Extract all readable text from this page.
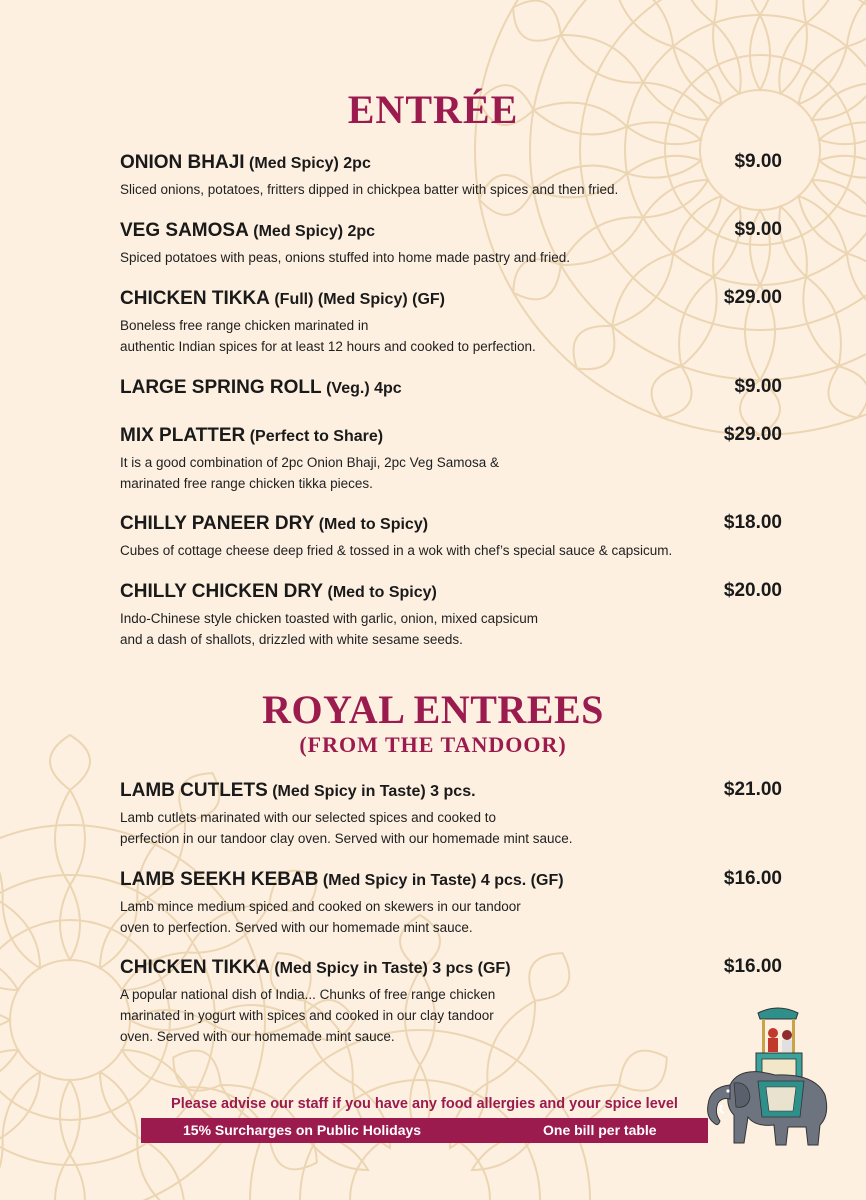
ENTRÉE
ONION BHAJI (Med Spicy) 2pc	$9.00
Sliced onions, potatoes, fritters dipped in chickpea batter with spices and then fried.
VEG SAMOSA (Med Spicy) 2pc	$9.00
Spiced potatoes with peas, onions stuffed into home made pastry and fried.
CHICKEN TIKKA (Full) (Med Spicy) (GF)	$29.00
Boneless free range chicken marinated in
authentic Indian spices for at least 12 hours and cooked to perfection.
LARGE SPRING ROLL (Veg.) 4pc	$9.00
MIX PLATTER (Perfect to Share)	$29.00
It is a good combination of 2pc Onion Bhaji, 2pc Veg Samosa &
marinated free range chicken tikka pieces.
CHILLY PANEER DRY (Med to Spicy)	$18.00
Cubes of cottage cheese deep fried & tossed in a wok with chef’s special sauce & capsicum.
CHILLY CHICKEN DRY (Med to Spicy)	$20.00
Indo-Chinese style chicken toasted with garlic, onion, mixed capsicum
and a dash of shallots, drizzled with white sesame seeds.
ROYAL ENTREES
(FROM THE TANDOOR)
LAMB CUTLETS (Med Spicy in Taste) 3 pcs.	$21.00
Lamb cutlets marinated with our selected spices and cooked to
perfection in our tandoor clay oven. Served with our homemade mint sauce.
LAMB SEEKH KEBAB (Med Spicy in Taste) 4 pcs. (GF)	$16.00
Lamb mince medium spiced and cooked on skewers in our tandoor
oven to perfection. Served with our homemade mint sauce.
CHICKEN TIKKA (Med Spicy in Taste) 3 pcs (GF)	$16.00
A popular national dish of India... Chunks of free range chicken
marinated in yogurt with spices and cooked in our clay tandoor
oven. Served with our homemade mint sauce.
Please advise our staff if you have any food allergies and your spice level
15% Surcharges on Public Holidays	One bill per table
